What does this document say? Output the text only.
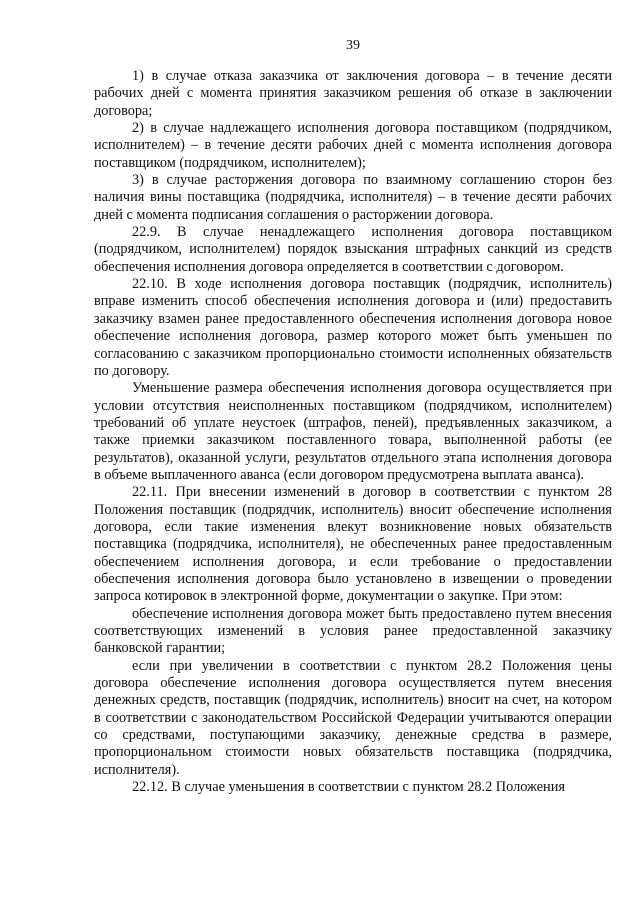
39

1) в случае отказа заказчика от заключения договора – в течение десяти рабочих дней с момента принятия заказчиком решения об отказе в заключении договора;

2) в случае надлежащего исполнения договора поставщиком (подрядчиком, исполнителем) – в течение десяти рабочих дней с момента исполнения договора поставщиком (подрядчиком, исполнителем);

3) в случае расторжения договора по взаимному соглашению сторон без наличия вины поставщика (подрядчика, исполнителя) – в течение десяти рабочих дней с момента подписания соглашения о расторжении договора.

22.9. В случае ненадлежащего исполнения договора поставщиком (подрядчиком, исполнителем) порядок взыскания штрафных санкций из средств обеспечения исполнения договора определяется в соответствии с договором.

22.10. В ходе исполнения договора поставщик (подрядчик, исполнитель) вправе изменить способ обеспечения исполнения договора и (или) предоставить заказчику взамен ранее предоставленного обеспечения исполнения договора новое обеспечение исполнения договора, размер которого может быть уменьшен по согласованию с заказчиком пропорционально стоимости исполненных обязательств по договору.

Уменьшение размера обеспечения исполнения договора осуществляется при условии отсутствия неисполненных поставщиком (подрядчиком, исполнителем) требований об уплате неустоек (штрафов, пеней), предъявленных заказчиком, а также приемки заказчиком поставленного товара, выполненной работы (ее результатов), оказанной услуги, результатов отдельного этапа исполнения договора в объеме выплаченного аванса (если договором предусмотрена выплата аванса).

22.11. При внесении изменений в договор в соответствии с пунктом 28 Положения поставщик (подрядчик, исполнитель) вносит обеспечение исполнения договора, если такие изменения влекут возникновение новых обязательств поставщика (подрядчика, исполнителя), не обеспеченных ранее предоставленным обеспечением исполнения договора, и если требование о предоставлении обеспечения исполнения договора было установлено в извещении о проведении запроса котировок в электронной форме, документации о закупке. При этом:

обеспечение исполнения договора может быть предоставлено путем внесения соответствующих изменений в условия ранее предоставленной заказчику банковской гарантии;

если при увеличении в соответствии с пунктом 28.2 Положения цены договора обеспечение исполнения договора осуществляется путем внесения денежных средств, поставщик (подрядчик, исполнитель) вносит на счет, на котором в соответствии с законодательством Российской Федерации учитываются операции со средствами, поступающими заказчику, денежные средства в размере, пропорциональном стоимости новых обязательств поставщика (подрядчика, исполнителя).

22.12. В случае уменьшения в соответствии с пунктом 28.2 Положения
